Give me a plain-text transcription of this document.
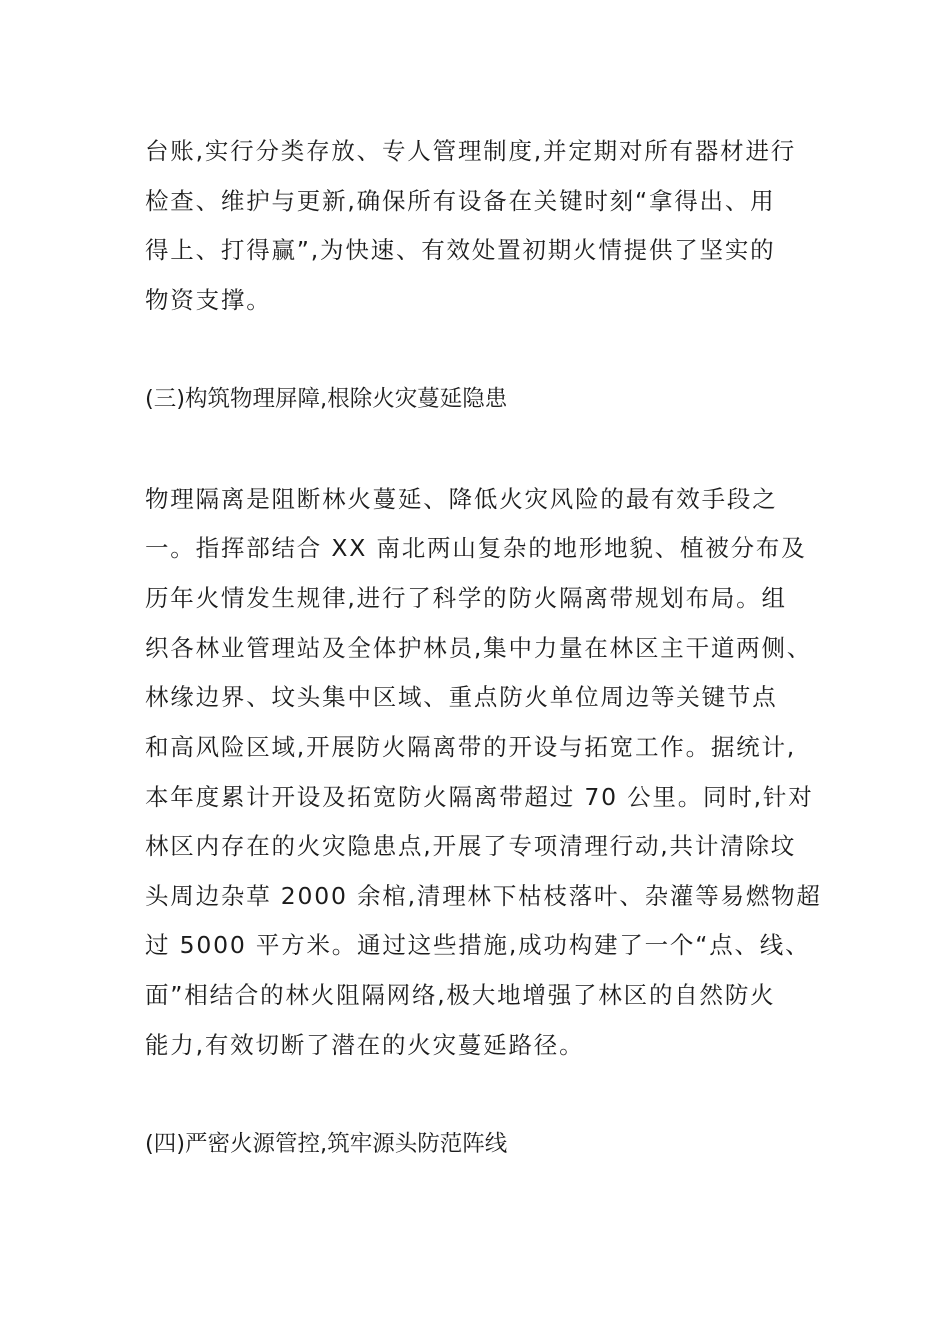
台账,实行分类存放、专人管理制度,并定期对所有器材进行
检查、维护与更新,确保所有设备在关键时刻“拿得出、用
得上、打得赢”,为快速、有效处置初期火情提供了坚实的
物资支撑。
(三)构筑物理屏障,根除火灾蔓延隐患
物理隔离是阻断林火蔓延、降低火灾风险的最有效手段之
一。指挥部结合 XX 南北两山复杂的地形地貌、植被分布及
历年火情发生规律,进行了科学的防火隔离带规划布局。组
织各林业管理站及全体护林员,集中力量在林区主干道两侧、
林缘边界、坟头集中区域、重点防火单位周边等关键节点
和高风险区域,开展防火隔离带的开设与拓宽工作。据统计,
本年度累计开设及拓宽防火隔离带超过 70 公里。同时,针对
林区内存在的火灾隐患点,开展了专项清理行动,共计清除坟
头周边杂草 2000 余棺,清理林下枯枝落叶、杂灌等易燃物超
过 5000 平方米。通过这些措施,成功构建了一个“点、线、
面”相结合的林火阻隔网络,极大地增强了林区的自然防火
能力,有效切断了潜在的火灾蔓延路径。
(四)严密火源管控,筑牢源头防范阵线
